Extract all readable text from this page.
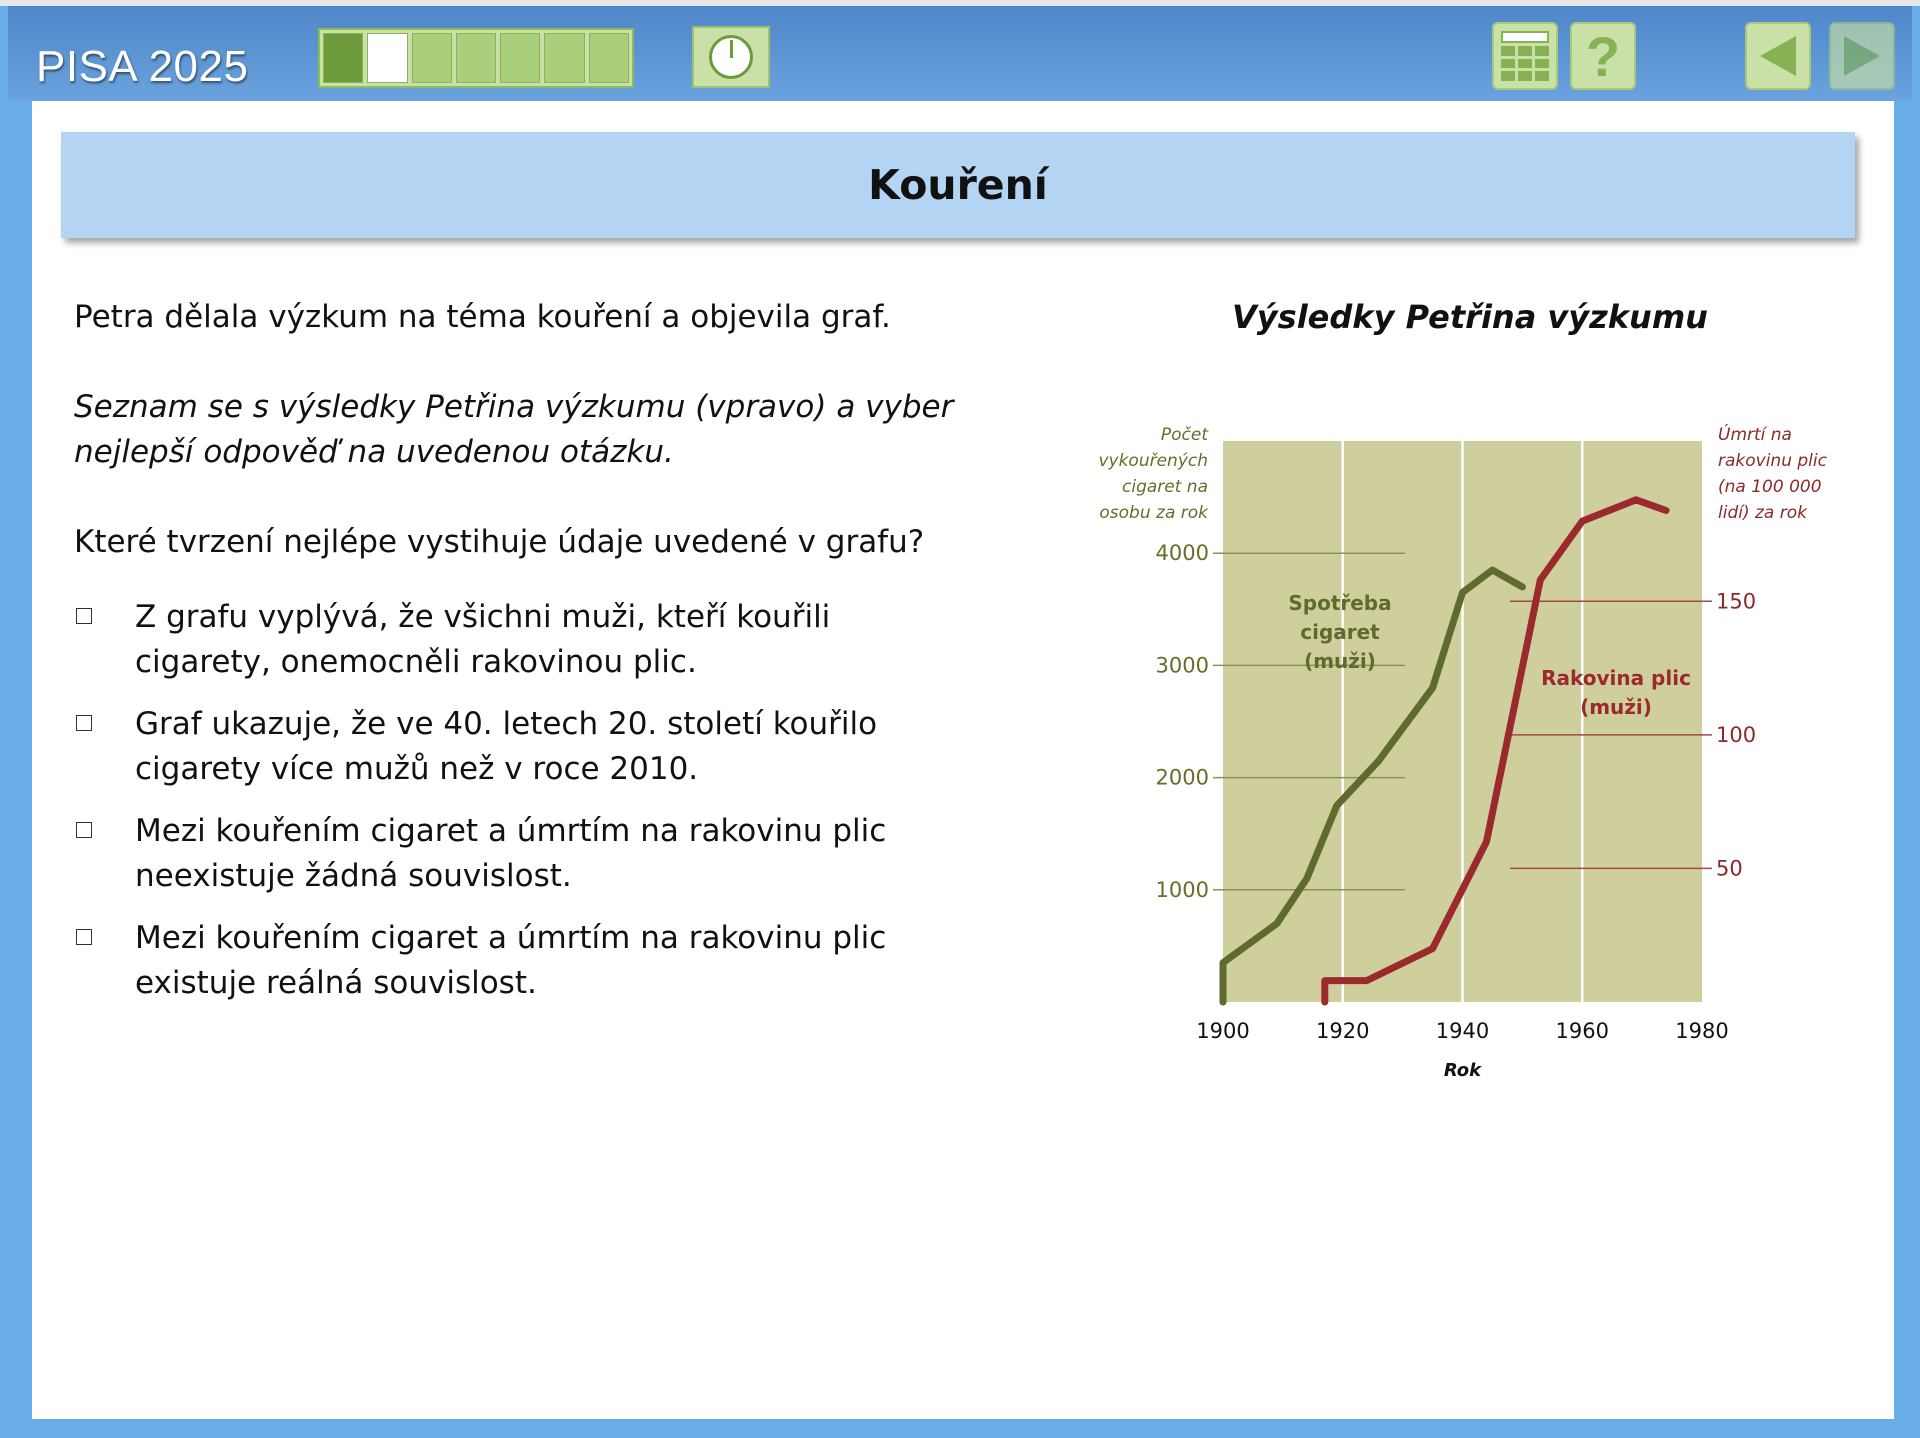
PISA 2025	?
Kouření

Petra dělala výzkum na téma kouření a objevila graf.

Seznam se s výsledky Petřina výzkumu (vpravo) a vyber nejlepší odpověď na uvedenou otázku.

Které tvrzení nejlépe vystihuje údaje uvedené v grafu?

Z grafu vyplývá, že všichni muži, kteří kouřili cigarety, onemocněli rakovinou plic.
Graf ukazuje, že ve 40. letech 20. století kouřilo cigarety více mužů než v roce 2010.
Mezi kouřením cigaret a úmrtím na rakovinu plic neexistuje žádná souvislost.
Mezi kouřením cigaret a úmrtím na rakovinu plic existuje reálná souvislost.
Výsledky Petřina výzkumu
1000
2000
3000
4000
50
100
150
1900	1920	1940	1960	1980
Rok
Počet
vykouřených
cigaret na
osobu za rok
Úmrtí na
rakovinu plic
(na 100 000
lidí) za rok
Spotřeba
cigaret
(muži)
Rakovina plic
(muži)
